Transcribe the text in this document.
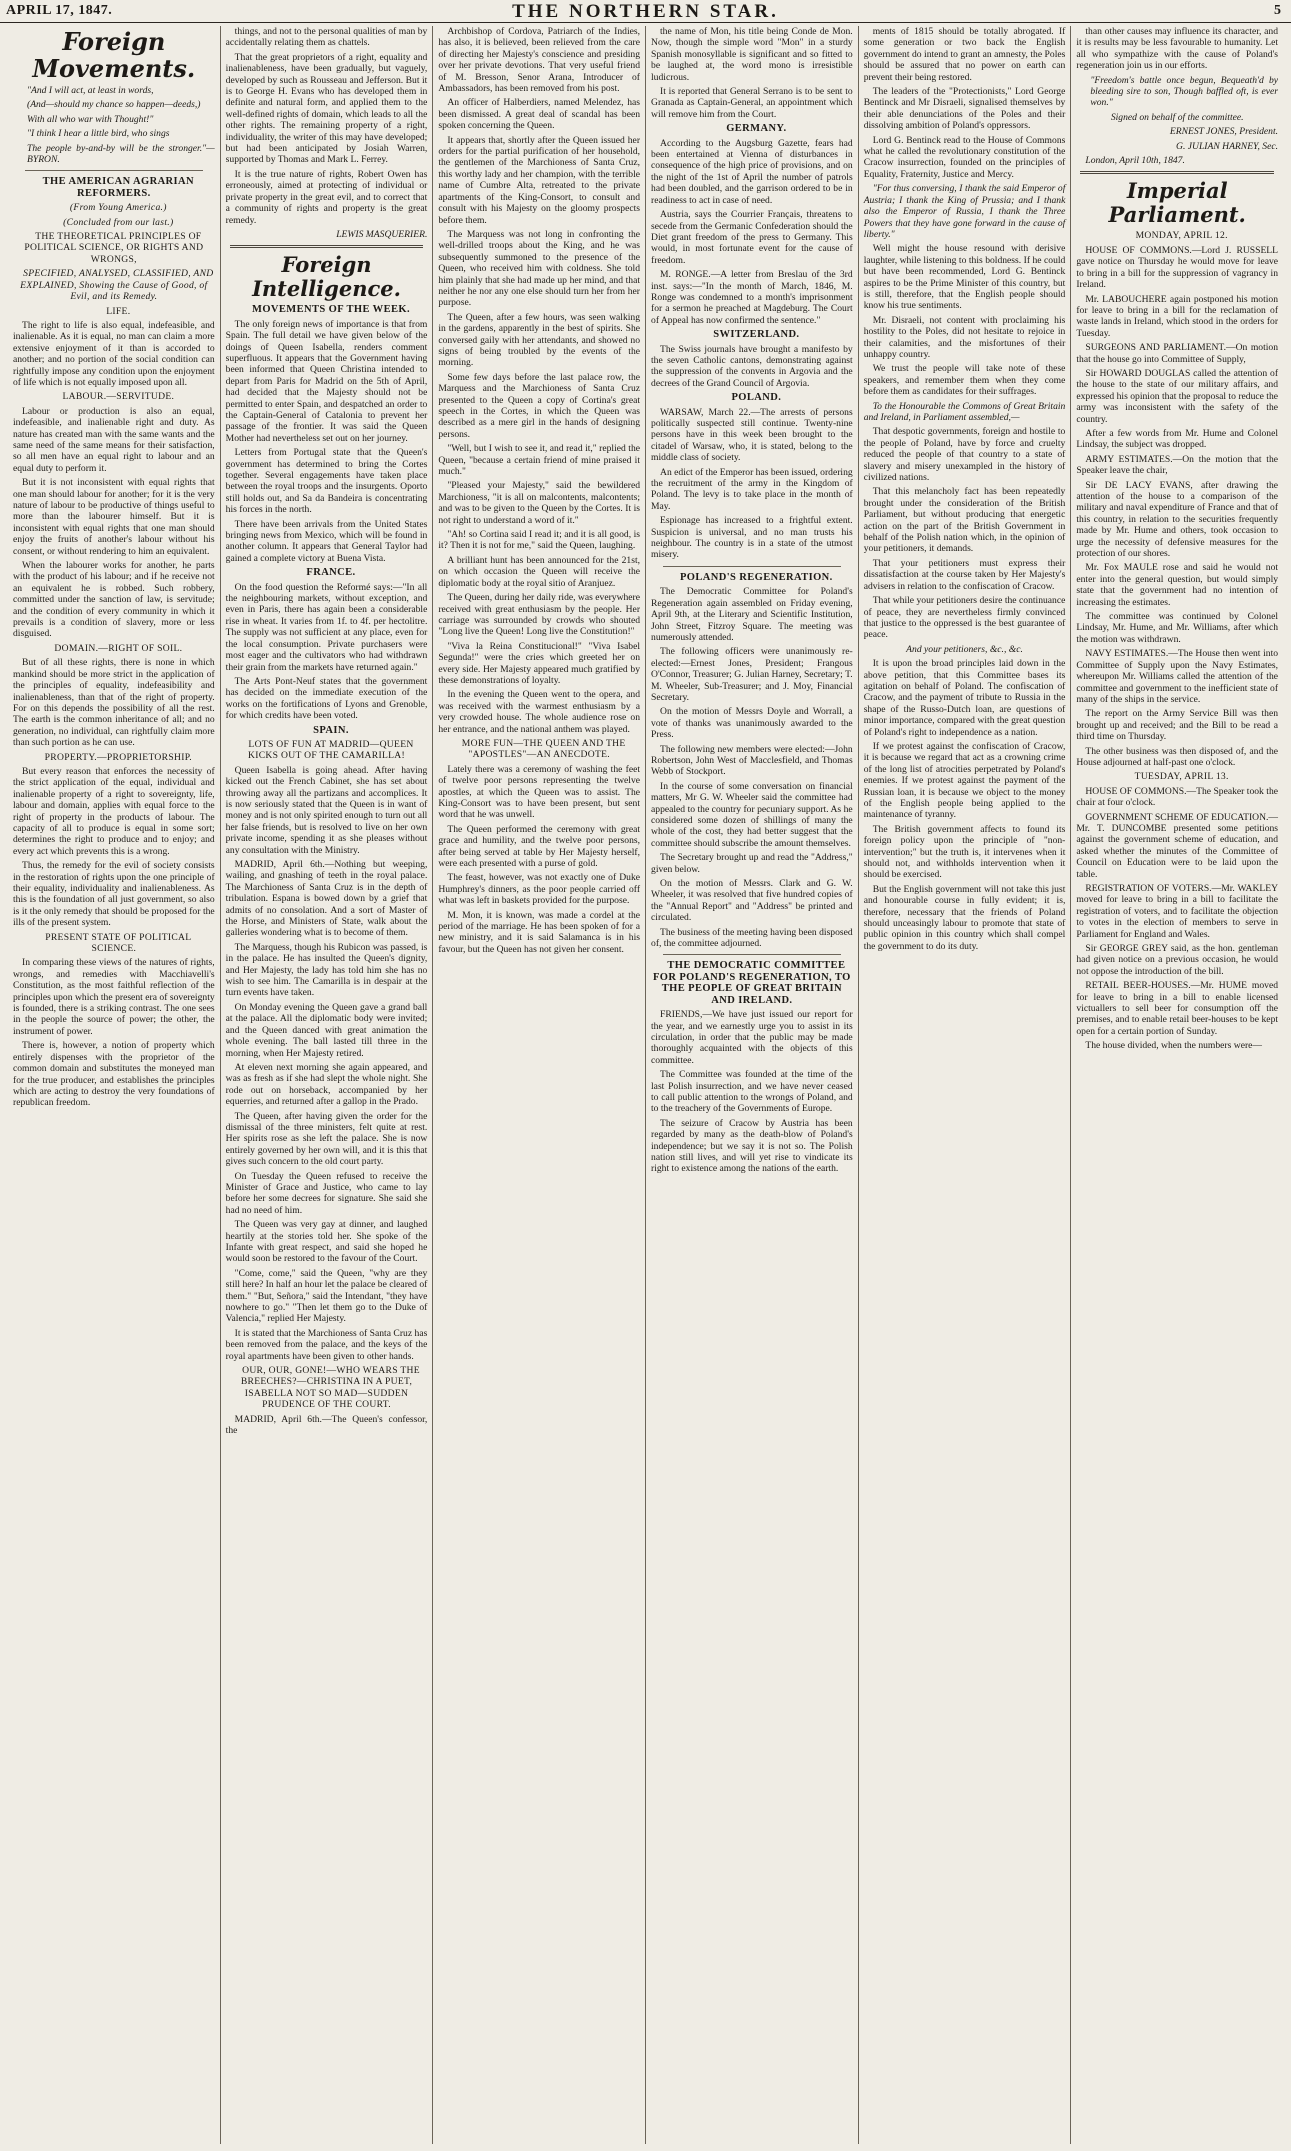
APRIL 17, 1847.	THE NORTHERN STAR.	5
Foreign Movements.

"And I will act, at least in words,

(And—should my chance so happen—deeds,)

With all who war with Thought!"

"I think I hear a little bird, who sings

The people by-and-by will be the stronger."—BYRON.

THE AMERICAN AGRARIAN REFORMERS.

(From Young America.)

(Concluded from our last.)

THE THEORETICAL PRINCIPLES OF POLITICAL SCIENCE, OR RIGHTS AND WRONGS,

SPECIFIED, ANALYSED, CLASSIFIED, AND EXPLAINED, Showing the Cause of Good, of Evil, and its Remedy.

LIFE.

The right to life is also equal, indefeasible, and inalienable. As it is equal, no man can claim a more extensive enjoyment of it than is accorded to another; and no portion of the social condition can rightfully impose any condition upon the enjoyment of life which is not equally imposed upon all.

LABOUR.—SERVITUDE.

Labour or production is also an equal, indefeasible, and inalienable right and duty. As nature has created man with the same wants and the same need of the same means for their satisfaction, so all men have an equal right to labour and an equal duty to perform it.

But it is not inconsistent with equal rights that one man should labour for another; for it is the very nature of labour to be productive of things useful to more than the labourer himself. But it is inconsistent with equal rights that one man should enjoy the fruits of another's labour without his consent, or without rendering to him an equivalent.

When the labourer works for another, he parts with the product of his labour; and if he receive not an equivalent he is robbed. Such robbery, committed under the sanction of law, is servitude; and the condition of every community in which it prevails is a condition of slavery, more or less disguised.

DOMAIN.—RIGHT OF SOIL.

But of all these rights, there is none in which mankind should be more strict in the application of the principles of equality, indefeasibility and inalienableness, than that of the right of property. For on this depends the possibility of all the rest. The earth is the common inheritance of all; and no generation, no individual, can rightfully claim more than such portion as he can use.

PROPERTY.—PROPRIETORSHIP.

But every reason that enforces the necessity of the strict application of the equal, individual and inalienable property of a right to sovereignty, life, labour and domain, applies with equal force to the right of property in the products of labour. The capacity of all to produce is equal in some sort; determines the right to produce and to enjoy; and every act which prevents this is a wrong.

Thus, the remedy for the evil of society consists in the restoration of rights upon the one principle of their equality, individuality and inalienableness. As this is the foundation of all just government, so also is it the only remedy that should be proposed for the ills of the present system.

PRESENT STATE OF POLITICAL SCIENCE.

In comparing these views of the natures of rights, wrongs, and remedies with Macchiavelli's Constitution, as the most faithful reflection of the principles upon which the present era of sovereignty is founded, there is a striking contrast. The one sees in the people the source of power; the other, the instrument of power.

There is, however, a notion of property which entirely dispenses with the proprietor of the common domain and substitutes the moneyed man for the true producer, and establishes the principles which are acting to destroy the very foundations of republican freedom.

things, and not to the personal qualities of man by accidentally relating them as chattels.

That the great proprietors of a right, equality and inalienableness, have been gradually, but vaguely, developed by such as Rousseau and Jefferson. But it is to George H. Evans who has developed them in definite and natural form, and applied them to the well-defined rights of domain, which leads to all the other rights. The remaining property of a right, individuality, the writer of this may have developed; but had been anticipated by Josiah Warren, supported by Thomas and Mark L. Ferrey.

It is the true nature of rights, Robert Owen has erroneously, aimed at protecting of individual or private property in the great evil, and to correct that a community of rights and property is the great remedy.

LEWIS MASQUERIER.

Foreign Intelligence.

MOVEMENTS OF THE WEEK.

The only foreign news of importance is that from Spain. The full detail we have given below of the doings of Queen Isabella, renders comment superfluous. It appears that the Government having been informed that Queen Christina intended to depart from Paris for Madrid on the 5th of April, had decided that the Majesty should not be permitted to enter Spain, and despatched an order to the Captain-General of Catalonia to prevent her passage of the frontier. It was said the Queen Mother had nevertheless set out on her journey.

Letters from Portugal state that the Queen's government has determined to bring the Cortes together. Several engagements have taken place between the royal troops and the insurgents. Oporto still holds out, and Sa da Bandeira is concentrating his forces in the north.

There have been arrivals from the United States bringing news from Mexico, which will be found in another column. It appears that General Taylor had gained a complete victory at Buena Vista.

FRANCE.

On the food question the Reformé says:—"In all the neighbouring markets, without exception, and even in Paris, there has again been a considerable rise in wheat. It varies from 1f. to 4f. per hectolitre. The supply was not sufficient at any place, even for the local consumption. Private purchasers were most eager and the cultivators who had withdrawn their grain from the markets have returned again."

The Arts Pont-Neuf states that the government has decided on the immediate execution of the works on the fortifications of Lyons and Grenoble, for which credits have been voted.

SPAIN.

LOTS OF FUN AT MADRID—QUEEN KICKS OUT OF THE CAMARILLA!

Queen Isabella is going ahead. After having kicked out the French Cabinet, she has set about throwing away all the partizans and accomplices. It is now seriously stated that the Queen is in want of money and is not only spirited enough to turn out all her false friends, but is resolved to live on her own private income, spending it as she pleases without any consultation with the Ministry.

MADRID, April 6th.—Nothing but weeping, wailing, and gnashing of teeth in the royal palace. The Marchioness of Santa Cruz is in the depth of tribulation. Espana is bowed down by a grief that admits of no consolation. And a sort of Master of the Horse, and Ministers of State, walk about the galleries wondering what is to become of them.

The Marquess, though his Rubicon was passed, is in the palace. He has insulted the Queen's dignity, and Her Majesty, the lady has told him she has no wish to see him. The Camarilla is in despair at the turn events have taken.

On Monday evening the Queen gave a grand ball at the palace. All the diplomatic body were invited; and the Queen danced with great animation the whole evening. The ball lasted till three in the morning, when Her Majesty retired.

At eleven next morning she again appeared, and was as fresh as if she had slept the whole night. She rode out on horseback, accompanied by her equerries, and returned after a gallop in the Prado.

The Queen, after having given the order for the dismissal of the three ministers, felt quite at rest. Her spirits rose as she left the palace. She is now entirely governed by her own will, and it is this that gives such concern to the old court party.

On Tuesday the Queen refused to receive the Minister of Grace and Justice, who came to lay before her some decrees for signature. She said she had no need of him.

The Queen was very gay at dinner, and laughed heartily at the stories told her. She spoke of the Infante with great respect, and said she hoped he would soon be restored to the favour of the Court.

"Come, come," said the Queen, "why are they still here? In half an hour let the palace be cleared of them." "But, Señora," said the Intendant, "they have nowhere to go." "Then let them go to the Duke of Valencia," replied Her Majesty.

It is stated that the Marchioness of Santa Cruz has been removed from the palace, and the keys of the royal apartments have been given to other hands.

OUR, OUR, GONE!—WHO WEARS THE BREECHES?—CHRISTINA IN A PUET, ISABELLA NOT SO MAD—SUDDEN PRUDENCE OF THE COURT.

MADRID, April 6th.—The Queen's confessor, the

Archbishop of Cordova, Patriarch of the Indies, has also, it is believed, been relieved from the care of directing her Majesty's conscience and presiding over her private devotions. That very useful friend of M. Bresson, Senor Arana, Introducer of Ambassadors, has been removed from his post.

An officer of Halberdiers, named Melendez, has been dismissed. A great deal of scandal has been spoken concerning the Queen.

It appears that, shortly after the Queen issued her orders for the partial purification of her household, the gentlemen of the Marchioness of Santa Cruz, this worthy lady and her champion, with the terrible name of Cumbre Alta, retreated to the private apartments of the King-Consort, to consult and consult with his Majesty on the gloomy prospects before them.

The Marquess was not long in confronting the well-drilled troops about the King, and he was subsequently summoned to the presence of the Queen, who received him with coldness. She told him plainly that she had made up her mind, and that neither he nor any one else should turn her from her purpose.

The Queen, after a few hours, was seen walking in the gardens, apparently in the best of spirits. She conversed gaily with her attendants, and showed no signs of being troubled by the events of the morning.

Some few days before the last palace row, the Marquess and the Marchioness of Santa Cruz presented to the Queen a copy of Cortina's great speech in the Cortes, in which the Queen was described as a mere girl in the hands of designing persons.

"Well, but I wish to see it, and read it," replied the Queen, "because a certain friend of mine praised it much."

"Pleased your Majesty," said the bewildered Marchioness, "it is all on malcontents, malcontents; and was to be given to the Queen by the Cortes. It is not right to understand a word of it."

"Ah! so Cortina said I read it; and it is all good, is it? Then it is not for me," said the Queen, laughing.

A brilliant hunt has been announced for the 21st, on which occasion the Queen will receive the diplomatic body at the royal sitio of Aranjuez.

The Queen, during her daily ride, was everywhere received with great enthusiasm by the people. Her carriage was surrounded by crowds who shouted "Long live the Queen! Long live the Constitution!"

"Viva la Reina Constitucional!" "Viva Isabel Segunda!" were the cries which greeted her on every side. Her Majesty appeared much gratified by these demonstrations of loyalty.

In the evening the Queen went to the opera, and was received with the warmest enthusiasm by a very crowded house. The whole audience rose on her entrance, and the national anthem was played.

MORE FUN—THE QUEEN AND THE "APOSTLES"—AN ANECDOTE.

Lately there was a ceremony of washing the feet of twelve poor persons representing the twelve apostles, at which the Queen was to assist. The King-Consort was to have been present, but sent word that he was unwell.

The Queen performed the ceremony with great grace and humility, and the twelve poor persons, after being served at table by Her Majesty herself, were each presented with a purse of gold.

The feast, however, was not exactly one of Duke Humphrey's dinners, as the poor people carried off what was left in baskets provided for the purpose.

M. Mon, it is known, was made a cordel at the period of the marriage. He has been spoken of for a new ministry, and it is said Salamanca is in his favour, but the Queen has not given her consent.

the name of Mon, his title being Conde de Mon. Now, though the simple word "Mon" in a sturdy Spanish monosyllable is significant and so fitted to be laughed at, the word mono is irresistible ludicrous.

It is reported that General Serrano is to be sent to Granada as Captain-General, an appointment which will remove him from the Court.

GERMANY.

According to the Augsburg Gazette, fears had been entertained at Vienna of disturbances in consequence of the high price of provisions, and on the night of the 1st of April the number of patrols had been doubled, and the garrison ordered to be in readiness to act in case of need.

Austria, says the Courrier Français, threatens to secede from the Germanic Confederation should the Diet grant freedom of the press to Germany. This would, in most fortunate event for the cause of freedom.

M. RONGE.—A letter from Breslau of the 3rd inst. says:—"In the month of March, 1846, M. Ronge was condemned to a month's imprisonment for a sermon he preached at Magdeburg. The Court of Appeal has now confirmed the sentence."

SWITZERLAND.

The Swiss journals have brought a manifesto by the seven Catholic cantons, demonstrating against the suppression of the convents in Argovia and the decrees of the Grand Council of Argovia.

POLAND.

WARSAW, March 22.—The arrests of persons politically suspected still continue. Twenty-nine persons have in this week been brought to the citadel of Warsaw, who, it is stated, belong to the middle class of society.

An edict of the Emperor has been issued, ordering the recruitment of the army in the Kingdom of Poland. The levy is to take place in the month of May.

Espionage has increased to a frightful extent. Suspicion is universal, and no man trusts his neighbour. The country is in a state of the utmost misery.

POLAND'S REGENERATION.

The Democratic Committee for Poland's Regeneration again assembled on Friday evening, April 9th, at the Literary and Scientific Institution, John Street, Fitzroy Square. The meeting was numerously attended.

The following officers were unanimously re-elected:—Ernest Jones, President; Frangous O'Connor, Treasurer; G. Julian Harney, Secretary; T. M. Wheeler, Sub-Treasurer; and J. Moy, Financial Secretary.

On the motion of Messrs Doyle and Worrall, a vote of thanks was unanimously awarded to the Press.

The following new members were elected:—John Robertson, John West of Macclesfield, and Thomas Webb of Stockport.

In the course of some conversation on financial matters, Mr G. W. Wheeler said the committee had appealed to the country for pecuniary support. As he considered some dozen of shillings of many the whole of the cost, they had better suggest that the committee should subscribe the amount themselves.

The Secretary brought up and read the "Address," given below.

On the motion of Messrs. Clark and G. W. Wheeler, it was resolved that five hundred copies of the "Annual Report" and "Address" be printed and circulated.

The business of the meeting having been disposed of, the committee adjourned.

THE DEMOCRATIC COMMITTEE FOR POLAND'S REGENERATION, TO THE PEOPLE OF GREAT BRITAIN AND IRELAND.

FRIENDS,—We have just issued our report for the year, and we earnestly urge you to assist in its circulation, in order that the public may be made thoroughly acquainted with the objects of this committee.

The Committee was founded at the time of the last Polish insurrection, and we have never ceased to call public attention to the wrongs of Poland, and to the treachery of the Governments of Europe.

The seizure of Cracow by Austria has been regarded by many as the death-blow of Poland's independence; but we say it is not so. The Polish nation still lives, and will yet rise to vindicate its right to existence among the nations of the earth.

ments of 1815 should be totally abrogated. If some generation or two back the English government do intend to grant an amnesty, the Poles should be assured that no power on earth can prevent their being restored.

The leaders of the "Protectionists," Lord George Bentinck and Mr Disraeli, signalised themselves by their able denunciations of the Poles and their dissolving ambition of Poland's oppressors.

Lord G. Bentinck read to the House of Commons what he called the revolutionary constitution of the Cracow insurrection, founded on the principles of Equality, Fraternity, Justice and Mercy.

"For thus conversing, I thank the said Emperor of Austria; I thank the King of Prussia; and I thank also the Emperor of Russia, I thank the Three Powers that they have gone forward in the cause of liberty."

Well might the house resound with derisive laughter, while listening to this boldness. If he could but have been recommended, Lord G. Bentinck aspires to be the Prime Minister of this country, but is still, therefore, that the English people should know his true sentiments.

Mr. Disraeli, not content with proclaiming his hostility to the Poles, did not hesitate to rejoice in their calamities, and the misfortunes of their unhappy country.

We trust the people will take note of these speakers, and remember them when they come before them as candidates for their suffrages.

To the Honourable the Commons of Great Britain and Ireland, in Parliament assembled,—

That despotic governments, foreign and hostile to the people of Poland, have by force and cruelty reduced the people of that country to a state of slavery and misery unexampled in the history of civilized nations.

That this melancholy fact has been repeatedly brought under the consideration of the British Parliament, but without producing that energetic action on the part of the British Government in behalf of the Polish nation which, in the opinion of your petitioners, it demands.

That your petitioners must express their dissatisfaction at the course taken by Her Majesty's advisers in relation to the confiscation of Cracow.

That while your petitioners desire the continuance of peace, they are nevertheless firmly convinced that justice to the oppressed is the best guarantee of peace.

And your petitioners, &c., &c.

It is upon the broad principles laid down in the above petition, that this Committee bases its agitation on behalf of Poland. The confiscation of Cracow, and the payment of tribute to Russia in the shape of the Russo-Dutch loan, are questions of minor importance, compared with the great question of Poland's right to independence as a nation.

If we protest against the confiscation of Cracow, it is because we regard that act as a crowning crime of the long list of atrocities perpetrated by Poland's enemies. If we protest against the payment of the Russian loan, it is because we object to the money of the English people being applied to the maintenance of tyranny.

The British government affects to found its foreign policy upon the principle of "non-intervention;" but the truth is, it intervenes when it should not, and withholds intervention when it should be exercised.

But the English government will not take this just and honourable course in fully evident; it is, therefore, necessary that the friends of Poland should unceasingly labour to promote that state of public opinion in this country which shall compel the government to do its duty.

than other causes may influence its character, and it is results may be less favourable to humanity. Let all who sympathize with the cause of Poland's regeneration join us in our efforts.

"Freedom's battle once begun, Bequeath'd by bleeding sire to son, Though baffled oft, is ever won."

Signed on behalf of the committee.

ERNEST JONES, President.

G. JULIAN HARNEY, Sec.

London, April 10th, 1847.

Imperial Parliament.

MONDAY, APRIL 12.

HOUSE OF COMMONS.—Lord J. RUSSELL gave notice on Thursday he would move for leave to bring in a bill for the suppression of vagrancy in Ireland.

Mr. LABOUCHERE again postponed his motion for leave to bring in a bill for the reclamation of waste lands in Ireland, which stood in the orders for Tuesday.

SURGEONS AND PARLIAMENT.—On motion that the house go into Committee of Supply,

Sir HOWARD DOUGLAS called the attention of the house to the state of our military affairs, and expressed his opinion that the proposal to reduce the army was inconsistent with the safety of the country.

After a few words from Mr. Hume and Colonel Lindsay, the subject was dropped.

ARMY ESTIMATES.—On the motion that the Speaker leave the chair,

Sir DE LACY EVANS, after drawing the attention of the house to a comparison of the military and naval expenditure of France and that of this country, in relation to the securities frequently made by Mr. Hume and others, took occasion to urge the necessity of defensive measures for the protection of our shores.

Mr. Fox MAULE rose and said he would not enter into the general question, but would simply state that the government had no intention of increasing the estimates.

The committee was continued by Colonel Lindsay, Mr. Hume, and Mr. Williams, after which the motion was withdrawn.

NAVY ESTIMATES.—The House then went into Committee of Supply upon the Navy Estimates, whereupon Mr. Williams called the attention of the committee and government to the inefficient state of many of the ships in the service.

The report on the Army Service Bill was then brought up and received; and the Bill to be read a third time on Thursday.

The other business was then disposed of, and the House adjourned at half-past one o'clock.

TUESDAY, APRIL 13.

HOUSE OF COMMONS.—The Speaker took the chair at four o'clock.

GOVERNMENT SCHEME OF EDUCATION.—Mr. T. DUNCOMBE presented some petitions against the government scheme of education, and asked whether the minutes of the Committee of Council on Education were to be laid upon the table.

REGISTRATION OF VOTERS.—Mr. WAKLEY moved for leave to bring in a bill to facilitate the registration of voters, and to facilitate the objection to votes in the election of members to serve in Parliament for England and Wales.

Sir GEORGE GREY said, as the hon. gentleman had given notice on a previous occasion, he would not oppose the introduction of the bill.

RETAIL BEER-HOUSES.—Mr. HUME moved for leave to bring in a bill to enable licensed victuallers to sell beer for consumption off the premises, and to enable retail beer-houses to be kept open for a certain portion of Sunday.

The house divided, when the numbers were—
